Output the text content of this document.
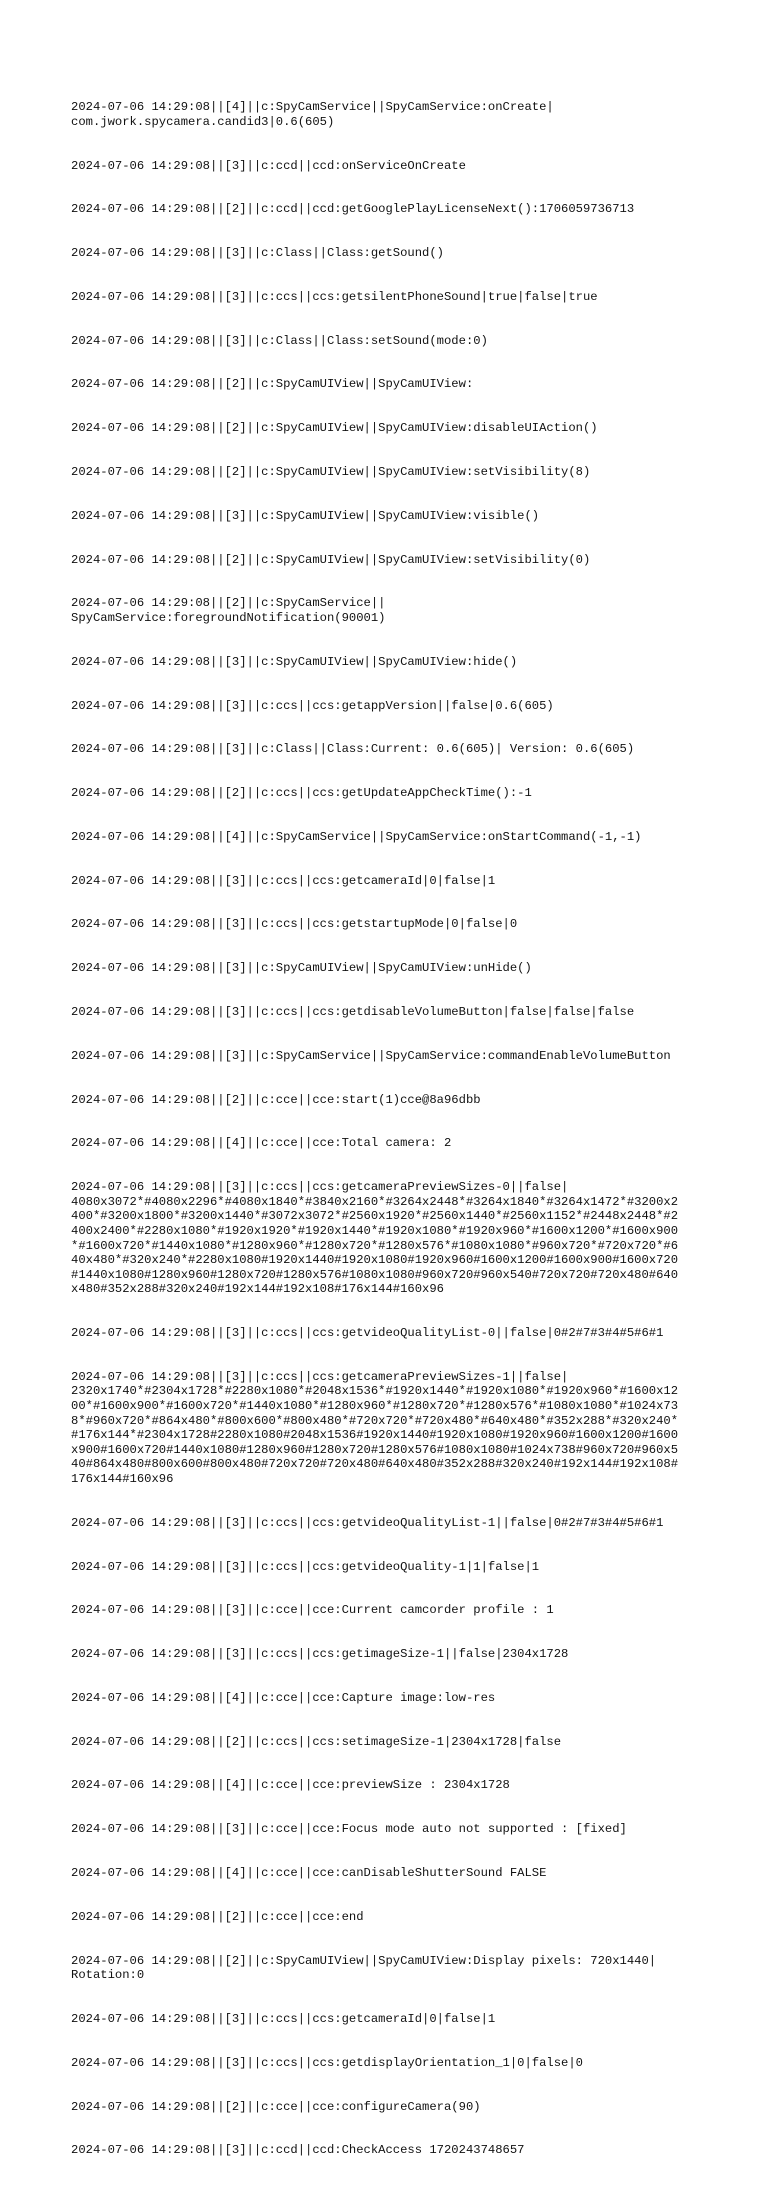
2024-07-06 14:29:08||[4]||c:SpyCamService||SpyCamService:onCreate|
com.jwork.spycamera.candid3|0.6(605)

2024-07-06 14:29:08||[3]||c:ccd||ccd:onServiceOnCreate

2024-07-06 14:29:08||[2]||c:ccd||ccd:getGooglePlayLicenseNext():1706059736713

2024-07-06 14:29:08||[3]||c:Class||Class:getSound()

2024-07-06 14:29:08||[3]||c:ccs||ccs:getsilentPhoneSound|true|false|true

2024-07-06 14:29:08||[3]||c:Class||Class:setSound(mode:0)

2024-07-06 14:29:08||[2]||c:SpyCamUIView||SpyCamUIView:

2024-07-06 14:29:08||[2]||c:SpyCamUIView||SpyCamUIView:disableUIAction()

2024-07-06 14:29:08||[2]||c:SpyCamUIView||SpyCamUIView:setVisibility(8)

2024-07-06 14:29:08||[3]||c:SpyCamUIView||SpyCamUIView:visible()

2024-07-06 14:29:08||[2]||c:SpyCamUIView||SpyCamUIView:setVisibility(0)

2024-07-06 14:29:08||[2]||c:SpyCamService||
SpyCamService:foregroundNotification(90001)

2024-07-06 14:29:08||[3]||c:SpyCamUIView||SpyCamUIView:hide()

2024-07-06 14:29:08||[3]||c:ccs||ccs:getappVersion||false|0.6(605)

2024-07-06 14:29:08||[3]||c:Class||Class:Current: 0.6(605)| Version: 0.6(605)

2024-07-06 14:29:08||[2]||c:ccs||ccs:getUpdateAppCheckTime():-1

2024-07-06 14:29:08||[4]||c:SpyCamService||SpyCamService:onStartCommand(-1,-1)

2024-07-06 14:29:08||[3]||c:ccs||ccs:getcameraId|0|false|1

2024-07-06 14:29:08||[3]||c:ccs||ccs:getstartupMode|0|false|0

2024-07-06 14:29:08||[3]||c:SpyCamUIView||SpyCamUIView:unHide()

2024-07-06 14:29:08||[3]||c:ccs||ccs:getdisableVolumeButton|false|false|false

2024-07-06 14:29:08||[3]||c:SpyCamService||SpyCamService:commandEnableVolumeButton

2024-07-06 14:29:08||[2]||c:cce||cce:start(1)cce@8a96dbb

2024-07-06 14:29:08||[4]||c:cce||cce:Total camera: 2

2024-07-06 14:29:08||[3]||c:ccs||ccs:getcameraPreviewSizes-0||false|
4080x3072*#4080x2296*#4080x1840*#3840x2160*#3264x2448*#3264x1840*#3264x1472*#3200x2
400*#3200x1800*#3200x1440*#3072x3072*#2560x1920*#2560x1440*#2560x1152*#2448x2448*#2
400x2400*#2280x1080*#1920x1920*#1920x1440*#1920x1080*#1920x960*#1600x1200*#1600x900
*#1600x720*#1440x1080*#1280x960*#1280x720*#1280x576*#1080x1080*#960x720*#720x720*#6
40x480*#320x240*#2280x1080#1920x1440#1920x1080#1920x960#1600x1200#1600x900#1600x720
#1440x1080#1280x960#1280x720#1280x576#1080x1080#960x720#960x540#720x720#720x480#640
x480#352x288#320x240#192x144#192x108#176x144#160x96

2024-07-06 14:29:08||[3]||c:ccs||ccs:getvideoQualityList-0||false|0#2#7#3#4#5#6#1

2024-07-06 14:29:08||[3]||c:ccs||ccs:getcameraPreviewSizes-1||false|
2320x1740*#2304x1728*#2280x1080*#2048x1536*#1920x1440*#1920x1080*#1920x960*#1600x12
00*#1600x900*#1600x720*#1440x1080*#1280x960*#1280x720*#1280x576*#1080x1080*#1024x73
8*#960x720*#864x480*#800x600*#800x480*#720x720*#720x480*#640x480*#352x288*#320x240*
#176x144*#2304x1728#2280x1080#2048x1536#1920x1440#1920x1080#1920x960#1600x1200#1600
x900#1600x720#1440x1080#1280x960#1280x720#1280x576#1080x1080#1024x738#960x720#960x5
40#864x480#800x600#800x480#720x720#720x480#640x480#352x288#320x240#192x144#192x108#
176x144#160x96

2024-07-06 14:29:08||[3]||c:ccs||ccs:getvideoQualityList-1||false|0#2#7#3#4#5#6#1

2024-07-06 14:29:08||[3]||c:ccs||ccs:getvideoQuality-1|1|false|1

2024-07-06 14:29:08||[3]||c:cce||cce:Current camcorder profile : 1

2024-07-06 14:29:08||[3]||c:ccs||ccs:getimageSize-1||false|2304x1728

2024-07-06 14:29:08||[4]||c:cce||cce:Capture image:low-res

2024-07-06 14:29:08||[2]||c:ccs||ccs:setimageSize-1|2304x1728|false

2024-07-06 14:29:08||[4]||c:cce||cce:previewSize : 2304x1728

2024-07-06 14:29:08||[3]||c:cce||cce:Focus mode auto not supported : [fixed]

2024-07-06 14:29:08||[4]||c:cce||cce:canDisableShutterSound FALSE

2024-07-06 14:29:08||[2]||c:cce||cce:end

2024-07-06 14:29:08||[2]||c:SpyCamUIView||SpyCamUIView:Display pixels: 720x1440|
Rotation:0

2024-07-06 14:29:08||[3]||c:ccs||ccs:getcameraId|0|false|1

2024-07-06 14:29:08||[3]||c:ccs||ccs:getdisplayOrientation_1|0|false|0

2024-07-06 14:29:08||[2]||c:cce||cce:configureCamera(90)

2024-07-06 14:29:08||[3]||c:ccd||ccd:CheckAccess 1720243748657
